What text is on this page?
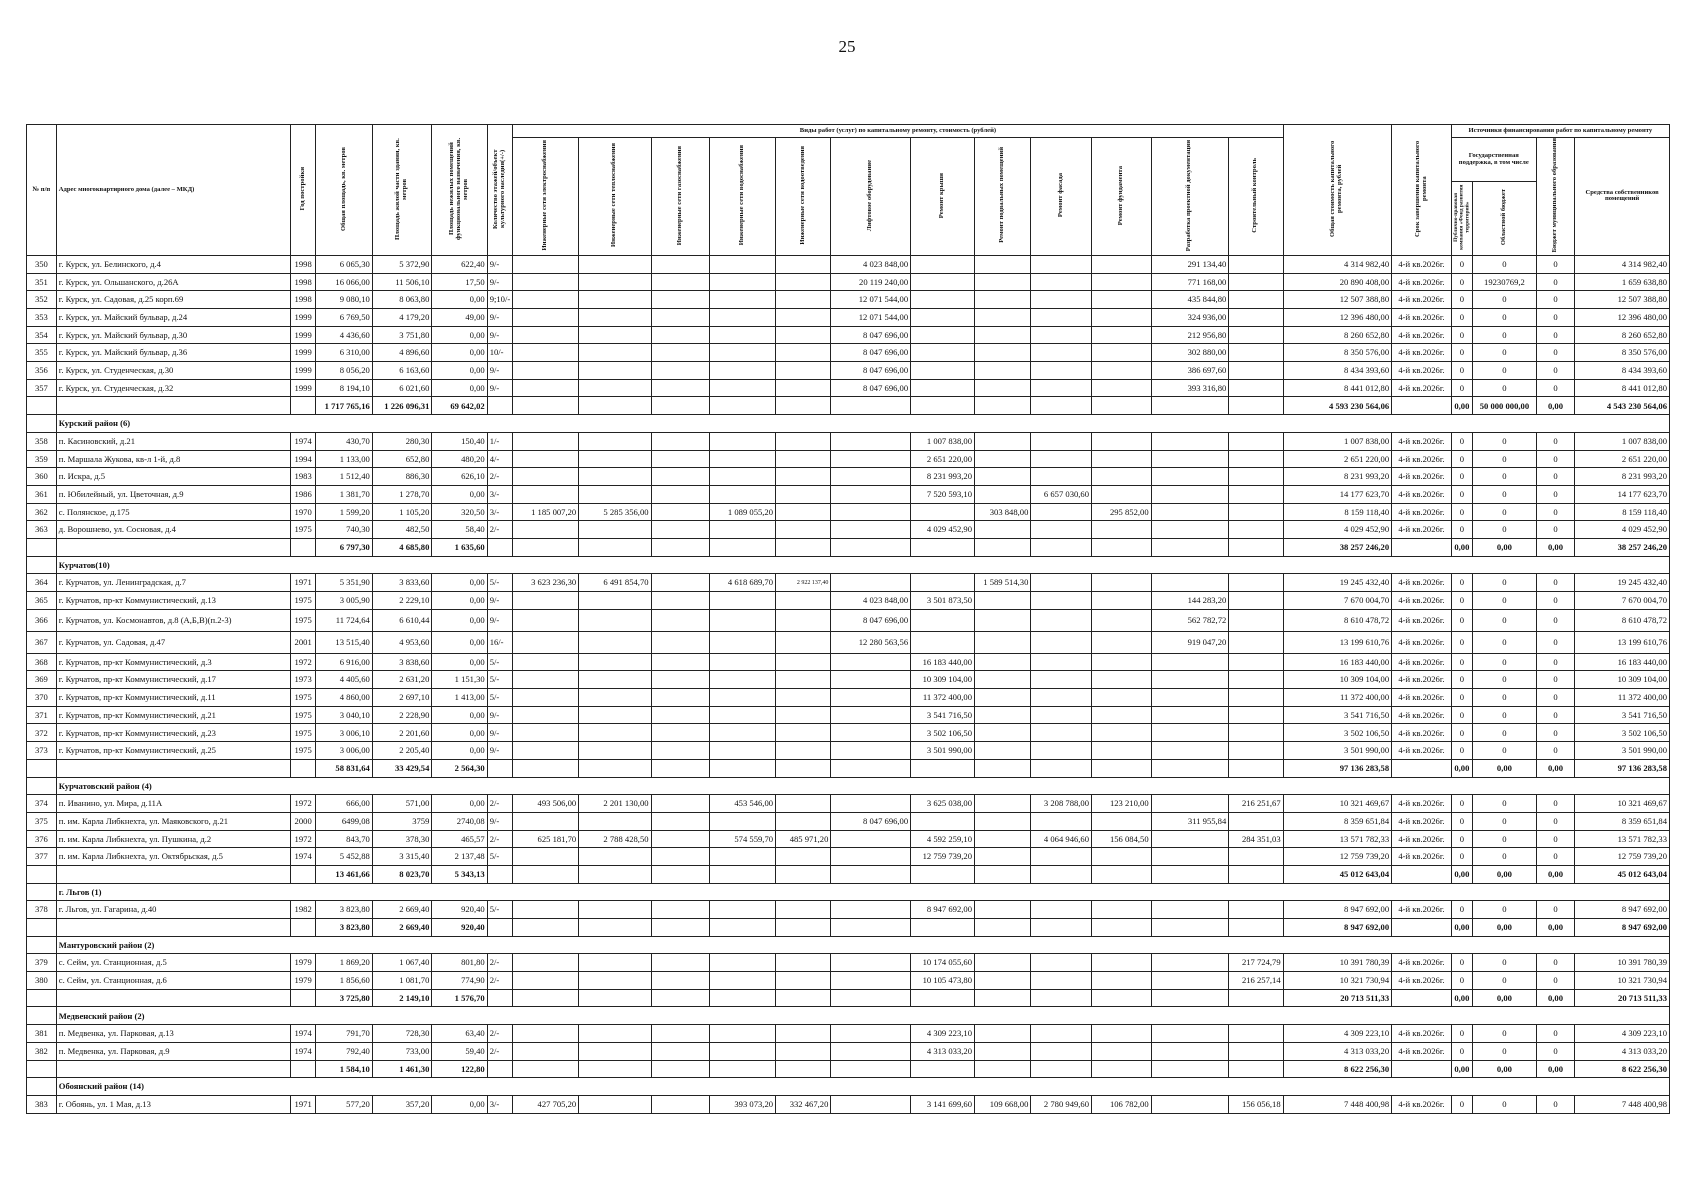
25
№ п/п	Адрес многоквартирного дома (далее – МКД)	Год постройки	Общая площадь, кв. метров	Площадь жилой части здания, кв. метров	Площадь нежилых помещений функционального назначения, кв. метров	Количество этажей/объект культурного наследия(+/-)	Виды работ (услуг) по капитальному ремонту, стоимость (рублей)												Общая стоимость капитального ремонта, рублей	Срок завершения капитального ремонта	Источники финансирования работ по капитальному ремонту			
							Инженерные сети электроснабжения	Инженерные сети теплоснабжения	Инженерные сети газоснабжения	Инженерные сети водоснабжения	Инженерные сети водоотведения	Лифтовое оборудование	Ремонт крыши	Ремонт подвальных помещений	Ремонт фасада	Ремонт фундамента	Разработка проектной документации	Строительный контроль			Государственная поддержка, в том числе		Бюджет муниципального образования	Средства собственников помещений
																					Публично-правовая компания «Фонд развития территорий»	Областной бюджет		
350	г. Курск, ул. Белинского, д.4	1998	6 065,30	5 372,90	622,40	9/-						4 023 848,00					291 134,40		4 314 982,40	4-й кв.2026г.	0	0	0	4 314 982,40
351	г. Курск, ул. Ольшанского, д.26А	1998	16 066,00	11 506,10	17,50	9/-						20 119 240,00					771 168,00		20 890 408,00	4-й кв.2026г.	0	19230769,2	0	1 659 638,80
352	г. Курск, ул. Садовая, д.25 корп.69	1998	9 080,10	8 063,80	0,00	9;10/-						12 071 544,00					435 844,80		12 507 388,80	4-й кв.2026г.	0	0	0	12 507 388,80
353	г. Курск, ул. Майский бульвар, д.24	1999	6 769,50	4 179,20	49,00	9/-						12 071 544,00					324 936,00		12 396 480,00	4-й кв.2026г.	0	0	0	12 396 480,00
354	г. Курск, ул. Майский бульвар, д.30	1999	4 436,60	3 751,80	0,00	9/-						8 047 696,00					212 956,80		8 260 652,80	4-й кв.2026г.	0	0	0	8 260 652,80
355	г. Курск, ул. Майский бульвар, д.36	1999	6 310,00	4 896,60	0,00	10/-						8 047 696,00					302 880,00		8 350 576,00	4-й кв.2026г.	0	0	0	8 350 576,00
356	г. Курск, ул. Студенческая, д.30	1999	8 056,20	6 163,60	0,00	9/-						8 047 696,00					386 697,60		8 434 393,60	4-й кв.2026г.	0	0	0	8 434 393,60
357	г. Курск, ул. Студенческая, д.32	1999	8 194,10	6 021,60	0,00	9/-						8 047 696,00					393 316,80		8 441 012,80	4-й кв.2026г.	0	0	0	8 441 012,80
			1 717 765,16	1 226 096,31	69 642,02														4 593 230 564,06		0,00	50 000 000,00	0,00	4 543 230 564,06
	Курский район (6)																							
358	п. Касиновский, д.21	1974	430,70	280,30	150,40	1/-							1 007 838,00						1 007 838,00	4-й кв.2026г.	0	0	0	1 007 838,00
359	п. Маршала Жукова, кв-л 1-й, д.8	1994	1 133,00	652,80	480,20	4/-							2 651 220,00						2 651 220,00	4-й кв.2026г.	0	0	0	2 651 220,00
360	п. Искра, д.5	1983	1 512,40	886,30	626,10	2/-							8 231 993,20						8 231 993,20	4-й кв.2026г.	0	0	0	8 231 993,20
361	п. Юбилейный, ул. Цветочная, д.9	1986	1 381,70	1 278,70	0,00	3/-							7 520 593,10		6 657 030,60				14 177 623,70	4-й кв.2026г.	0	0	0	14 177 623,70
362	с. Полянское, д.175	1970	1 599,20	1 105,20	320,50	3/-	1 185 007,20	5 285 356,00		1 089 055,20				303 848,00		295 852,00			8 159 118,40	4-й кв.2026г.	0	0	0	8 159 118,40
363	д. Ворошнево, ул. Сосновая, д.4	1975	740,30	482,50	58,40	2/-							4 029 452,90						4 029 452,90	4-й кв.2026г.	0	0	0	4 029 452,90
			6 797,30	4 685,80	1 635,60														38 257 246,20		0,00	0,00	0,00	38 257 246,20
	Курчатов(10)																							
364	г. Курчатов, ул. Ленинградская, д.7	1971	5 351,90	3 833,60	0,00	5/-	3 623 236,30	6 491 854,70		4 618 689,70	2 922 137,40			1 589 514,30					19 245 432,40	4-й кв.2026г.	0	0	0	19 245 432,40
365	г. Курчатов, пр-кт Коммунистический, д.13	1975	3 005,90	2 229,10	0,00	9/-						4 023 848,00	3 501 873,50				144 283,20		7 670 004,70	4-й кв.2026г.	0	0	0	7 670 004,70
366	г. Курчатов, ул. Космонавтов, д.8 (А,Б,В)(п.2-3)	1975	11 724,64	6 610,44	0,00	9/-						8 047 696,00					562 782,72		8 610 478,72	4-й кв.2026г.	0	0	0	8 610 478,72
367	г. Курчатов, ул. Садовая, д.47	2001	13 515,40	4 953,60	0,00	16/-						12 280 563,56					919 047,20		13 199 610,76	4-й кв.2026г.	0	0	0	13 199 610,76
368	г. Курчатов, пр-кт Коммунистический, д.3	1972	6 916,00	3 838,60	0,00	5/-							16 183 440,00						16 183 440,00	4-й кв.2026г.	0	0	0	16 183 440,00
369	г. Курчатов, пр-кт Коммунистический, д.17	1973	4 405,60	2 631,20	1 151,30	5/-							10 309 104,00						10 309 104,00	4-й кв.2026г.	0	0	0	10 309 104,00
370	г. Курчатов, пр-кт Коммунистический, д.11	1975	4 860,00	2 697,10	1 413,00	5/-							11 372 400,00						11 372 400,00	4-й кв.2026г.	0	0	0	11 372 400,00
371	г. Курчатов, пр-кт Коммунистический, д.21	1975	3 040,10	2 228,90	0,00	9/-							3 541 716,50						3 541 716,50	4-й кв.2026г.	0	0	0	3 541 716,50
372	г. Курчатов, пр-кт Коммунистический, д.23	1975	3 006,10	2 201,60	0,00	9/-							3 502 106,50						3 502 106,50	4-й кв.2026г.	0	0	0	3 502 106,50
373	г. Курчатов, пр-кт Коммунистический, д.25	1975	3 006,00	2 205,40	0,00	9/-							3 501 990,00						3 501 990,00	4-й кв.2026г.	0	0	0	3 501 990,00
			58 831,64	33 429,54	2 564,30														97 136 283,58		0,00	0,00	0,00	97 136 283,58
	Курчатовский район (4)																							
374	п. Иванино, ул. Мира, д.11А	1972	666,00	571,00	0,00	2/-	493 506,00	2 201 130,00		453 546,00			3 625 038,00		3 208 788,00	123 210,00		216 251,67	10 321 469,67	4-й кв.2026г.	0	0	0	10 321 469,67
375	п. им. Карла Либкнехта, ул. Маяковского, д.21	2000	6499,08	3759	2740,08	9/-						8 047 696,00					311 955,84		8 359 651,84	4-й кв.2026г.	0	0	0	8 359 651,84
376	п. им. Карла Либкнехта, ул. Пушкина, д.2	1972	843,70	378,30	465,57	2/-	625 181,70	2 788 428,50		574 559,70	485 971,20		4 592 259,10		4 064 946,60	156 084,50		284 351,03	13 571 782,33	4-й кв.2026г.	0	0	0	13 571 782,33
377	п. им. Карла Либкнехта, ул. Октябрьская, д.5	1974	5 452,88	3 315,40	2 137,48	5/-							12 759 739,20						12 759 739,20	4-й кв.2026г.	0	0	0	12 759 739,20
			13 461,66	8 023,70	5 343,13														45 012 643,04		0,00	0,00	0,00	45 012 643,04
	г. Льгов (1)																							
378	г. Льгов, ул. Гагарина, д.40	1982	3 823,80	2 669,40	920,40	5/-							8 947 692,00						8 947 692,00	4-й кв.2026г.	0	0	0	8 947 692,00
			3 823,80	2 669,40	920,40														8 947 692,00		0,00	0,00	0,00	8 947 692,00
	Мантуровский район (2)																							
379	с. Сейм, ул. Станционная, д.5	1979	1 869,20	1 067,40	801,80	2/-							10 174 055,60					217 724,79	10 391 780,39	4-й кв.2026г.	0	0	0	10 391 780,39
380	с. Сейм, ул. Станционная, д.6	1979	1 856,60	1 081,70	774,90	2/-							10 105 473,80					216 257,14	10 321 730,94	4-й кв.2026г.	0	0	0	10 321 730,94
			3 725,80	2 149,10	1 576,70														20 713 511,33		0,00	0,00	0,00	20 713 511,33
	Медвенский район (2)																							
381	п. Медвенка, ул. Парковая, д.13	1974	791,70	728,30	63,40	2/-							4 309 223,10						4 309 223,10	4-й кв.2026г.	0	0	0	4 309 223,10
382	п. Медвенка, ул. Парковая, д.9	1974	792,40	733,00	59,40	2/-							4 313 033,20						4 313 033,20	4-й кв.2026г.	0	0	0	4 313 033,20
			1 584,10	1 461,30	122,80														8 622 256,30		0,00	0,00	0,00	8 622 256,30
	Обоянский район (14)																							
383	г. Обоянь, ул. 1 Мая, д.13	1971	577,20	357,20	0,00	3/-	427 705,20			393 073,20	332 467,20		3 141 699,60	109 668,00	2 780 949,60	106 782,00		156 056,18	7 448 400,98	4-й кв.2026г.	0	0	0	7 448 400,98
